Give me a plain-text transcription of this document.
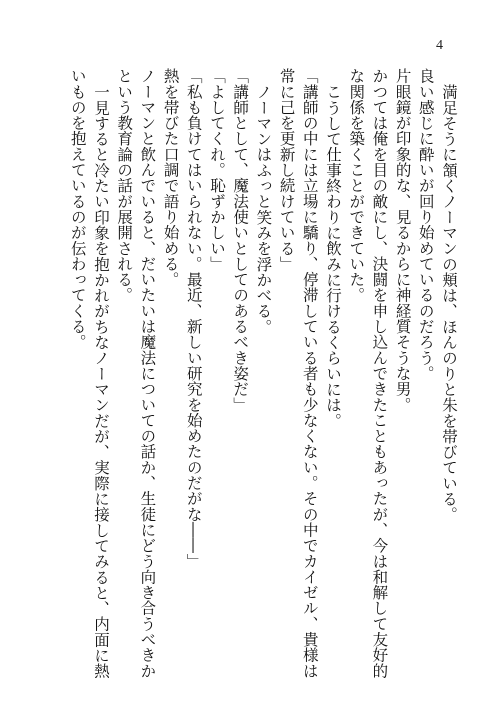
4

満足そうに頷くノーマンの頬は、ほんのりと朱を帯びている。

良い感じに酔いが回り始めているのだろう。

片眼鏡が印象的な、見るからに神経質そうな男。

かつては俺を目の敵にし、決闘を申し込んできたこともあったが、今は和解して友好的な関係を築くことができていた。

こうして仕事終わりに飲みに行けるくらいには。

「講師の中には立場に驕り、停滞している者も少なくない。その中でカイゼル、貴様は常に己を更新し続けている」

ノーマンはふっと笑みを浮かべる。

「講師として、魔法使いとしてのあるべき姿だ」

「よしてくれ。恥ずかしい」

「私も負けてはいられない。最近、新しい研究を始めたのだがな――」

熱を帯びた口調で語り始める。

ノーマンと飲んでいると、だいたいは魔法についての話か、生徒にどう向き合うべきかという教育論の話が展開される。

一見すると冷たい印象を抱かれがちなノーマンだが、実際に接してみると、内面に熱いものを抱えているのが伝わってくる。
